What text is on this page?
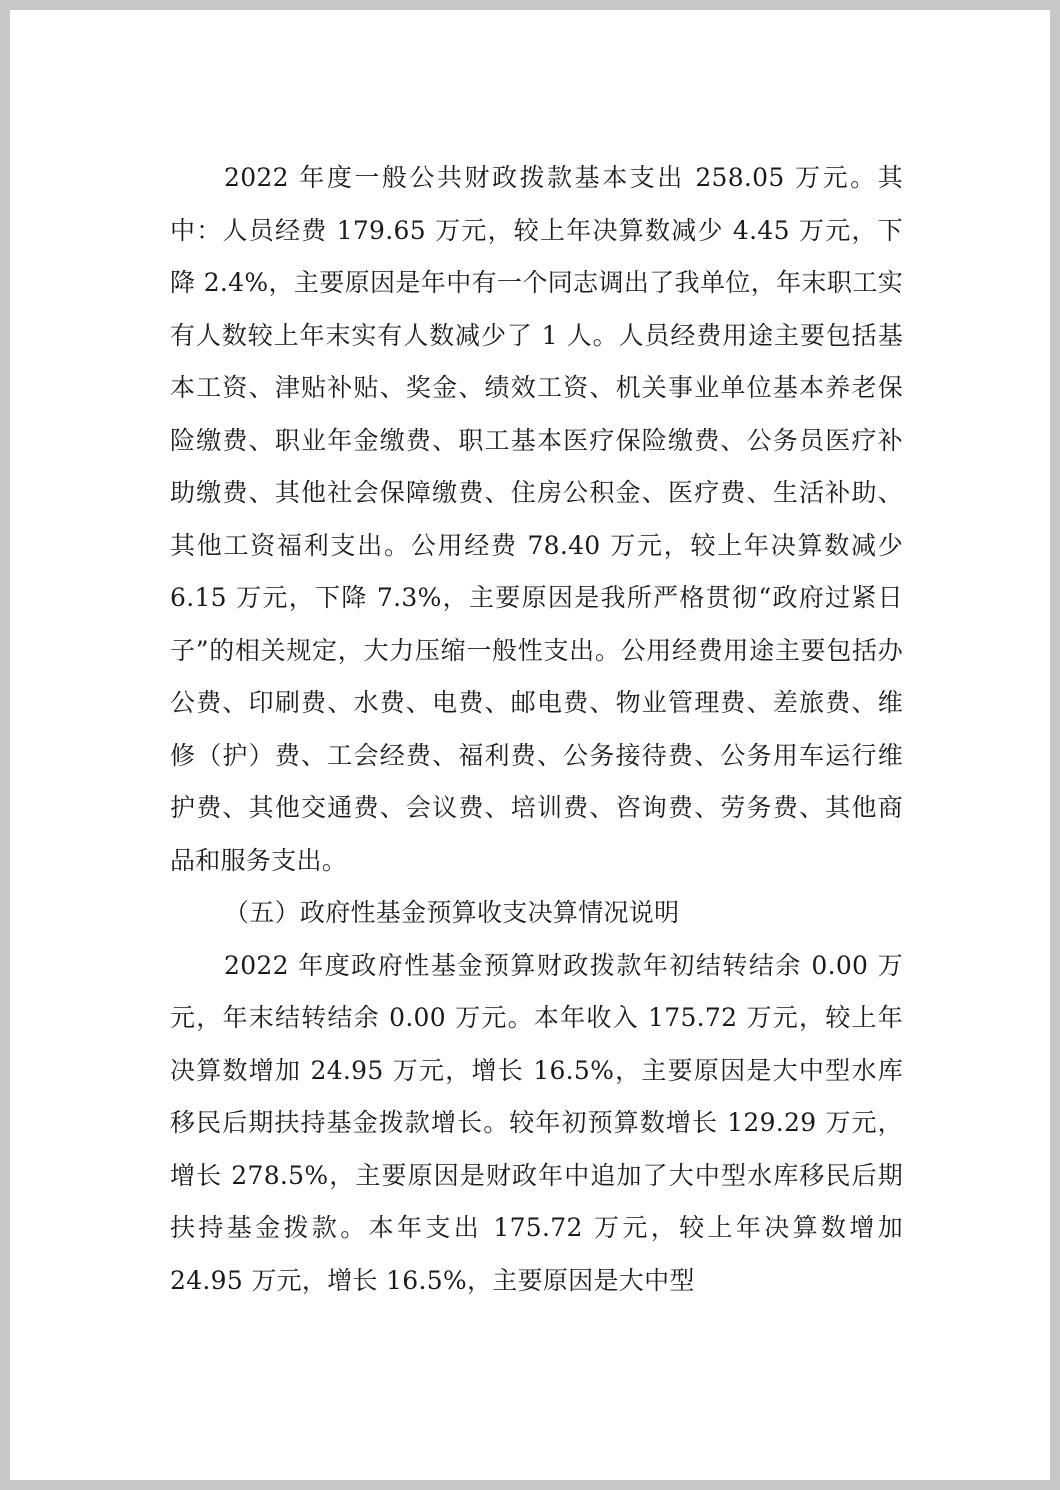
2022 年度一般公共财政拨款基本支出 258.05 万元。其中：人员经费 179.65 万元，较上年决算数减少 4.45 万元，下降 2.4%，主要原因是年中有一个同志调出了我单位，年末职工实有人数较上年末实有人数减少了 1 人。人员经费用途主要包括基本工资、津贴补贴、奖金、绩效工资、机关事业单位基本养老保险缴费、职业年金缴费、职工基本医疗保险缴费、公务员医疗补助缴费、其他社会保障缴费、住房公积金、医疗费、生活补助、其他工资福利支出。公用经费 78.40 万元，较上年决算数减少 6.15 万元，下降 7.3%，主要原因是我所严格贯彻“政府过紧日子”的相关规定，大力压缩一般性支出。公用经费用途主要包括办公费、印刷费、水费、电费、邮电费、物业管理费、差旅费、维修（护）费、工会经费、福利费、公务接待费、公务用车运行维护费、其他交通费、会议费、培训费、咨询费、劳务费、其他商品和服务支出。

（五）政府性基金预算收支决算情况说明

2022 年度政府性基金预算财政拨款年初结转结余 0.00 万元，年末结转结余 0.00 万元。本年收入 175.72 万元，较上年决算数增加 24.95 万元，增长 16.5%，主要原因是大中型水库移民后期扶持基金拨款增长。较年初预算数增长 129.29 万元，增长 278.5%，主要原因是财政年中追加了大中型水库移民后期扶持基金拨款。本年支出 175.72 万元，较上年决算数增加 24.95 万元，增长 16.5%，主要原因是大中型
